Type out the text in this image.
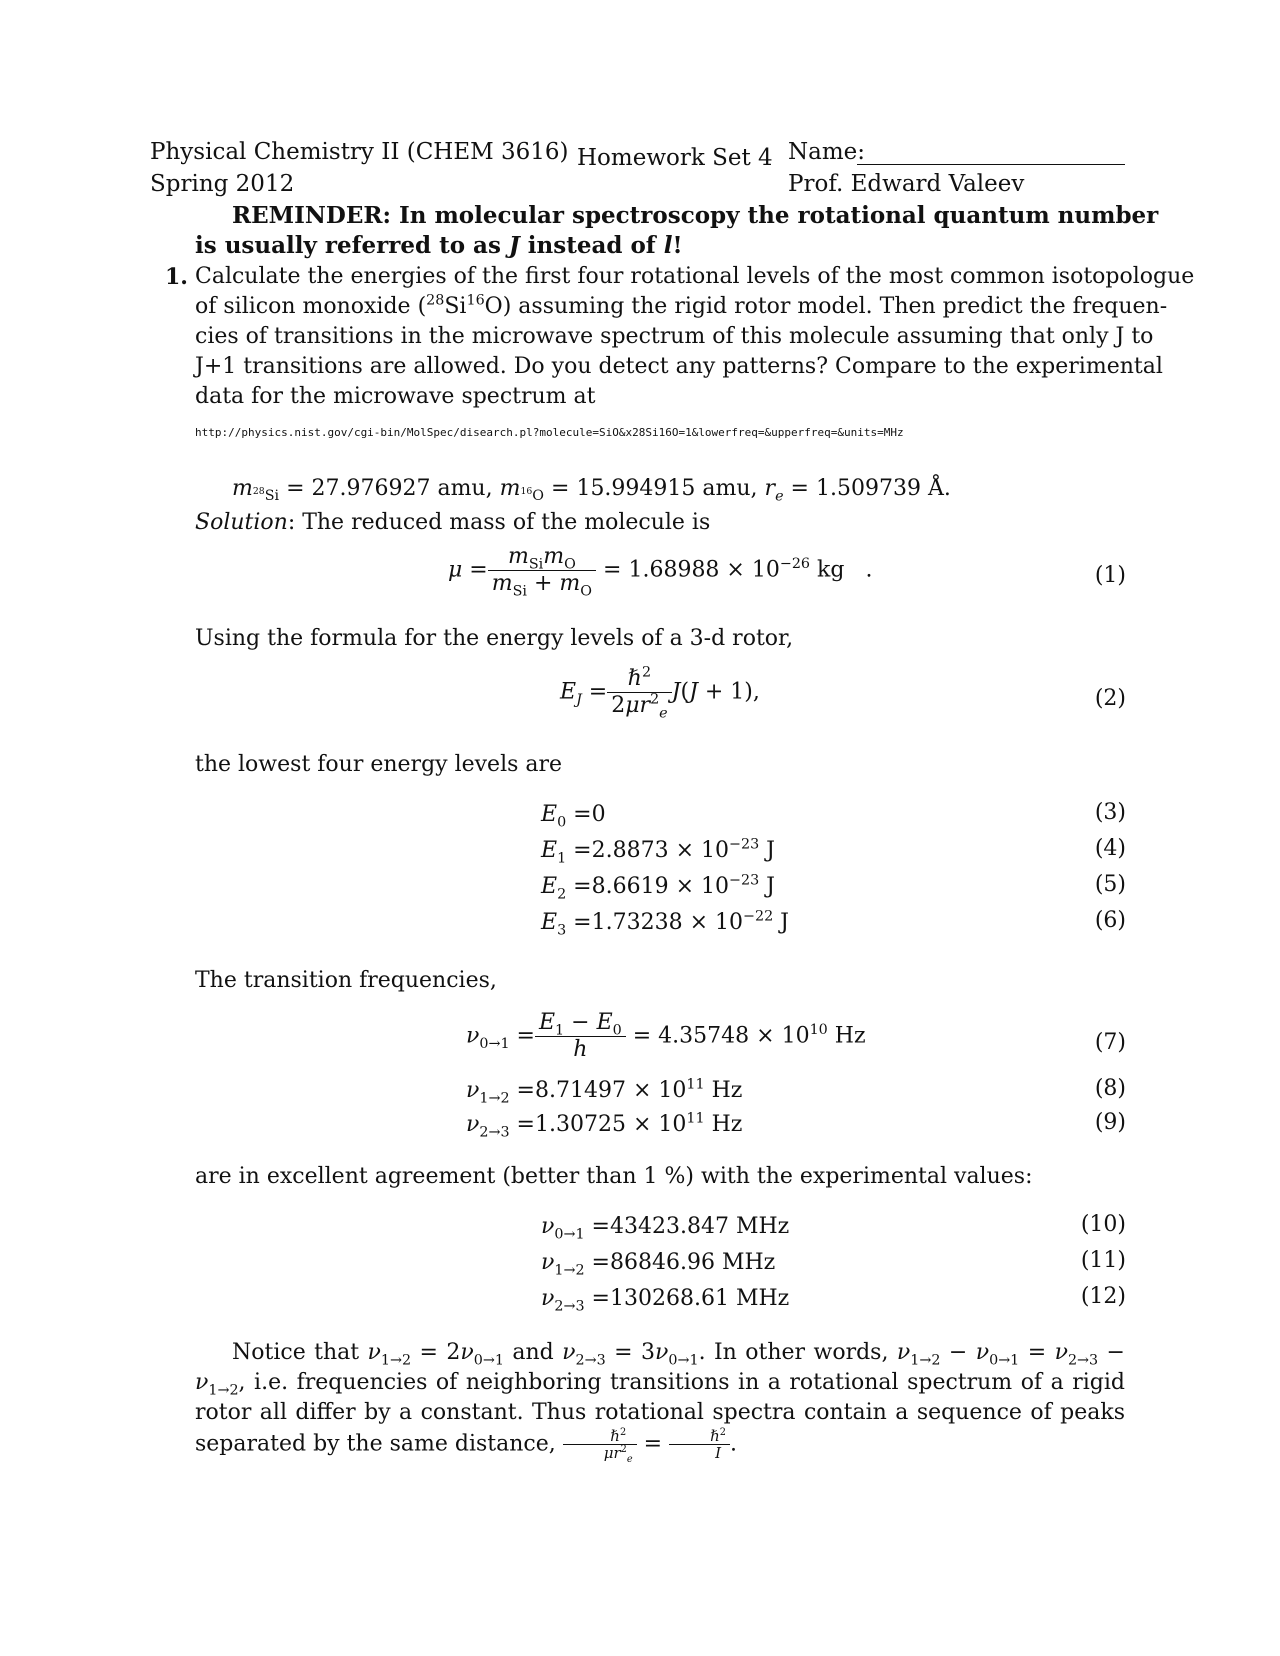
Physical Chemistry II (CHEM 3616)
Spring 2012
Homework Set 4 Name:
Prof. Edward Valeev
REMINDER: In molecular spectroscopy the rotational quantum number
is usually referred to as J instead of l!
1. Calculate the energies of the first four rotational levels of the most common isotopologue
of silicon monoxide ($^{28}$Si$^{16}$O) assuming the rigid rotor model. Then predict the frequen-
cies of transitions in the microwave spectrum of this molecule assuming that only J to
J+1 transitions are allowed. Do you detect any patterns? Compare to the experimental
data for the microwave spectrum at
http://physics.nist.gov/cgi-bin/MolSpec/disearch.pl?molecule=SiO&x28Si16O=1&lowerfreq=&upperfreq=&units=MHz
$m_{^{28}Si} = 27.976927$ amu, $m_{^{16}O} = 15.994915$ amu, $r_e = 1.509739$ Å.
Solution: The reduced mass of the molecule is
$\mu = \frac{m_{Si}m_O}{m_{Si} + m_O} = 1.68988 \times 10^{-26}$ kg .	(1)
Using the formula for the energy levels of a 3-d rotor,
$E_J = \frac{\hbar^2}{2\mu r^2_e} J(J + 1)$,	(2)
the lowest four energy levels are
$E_0 =0$	(3)
$E_1 =2.8873 \times 10^{-23}$ J	(4)
$E_2 =8.6619 \times 10^{-23}$ J	(5)
$E_3 =1.73238 \times 10^{-22}$ J	(6)
The transition frequencies,
$\nu_{0\to 1} = \frac{E_1 - E_0}{h} = 4.35748 \times 10^{10}$ Hz	(7)
$\nu_{1\to 2} =8.71497 \times 10^{11}$ Hz	(8)
$\nu_{2\to 3} =1.30725 \times 10^{11}$ Hz	(9)
are in excellent agreement (better than 1 %) with the experimental values:
$\nu_{0\to 1} =43423.847$ MHz	(10)
$\nu_{1\to 2} =86846.96$ MHz	(11)
$\nu_{2\to 3} =130268.61$ MHz	(12)
Notice that $\nu_{1\to 2} = 2\nu_{0\to 1}$ and $\nu_{2\to 3} = 3\nu_{0\to 1}$. In other words, $\nu_{1\to 2} - \nu_{0\to 1} = \nu_{2\to 3} - \nu_{1\to 2}$, i.e. frequencies of neighboring transitions in a rotational spectrum of a rigid rotor all differ by a constant. Thus rotational spectra contain a sequence of peaks separated by the same distance, $\frac{\hbar^2}{\mu r^2_e} = \frac{\hbar^2}{I}$ .
